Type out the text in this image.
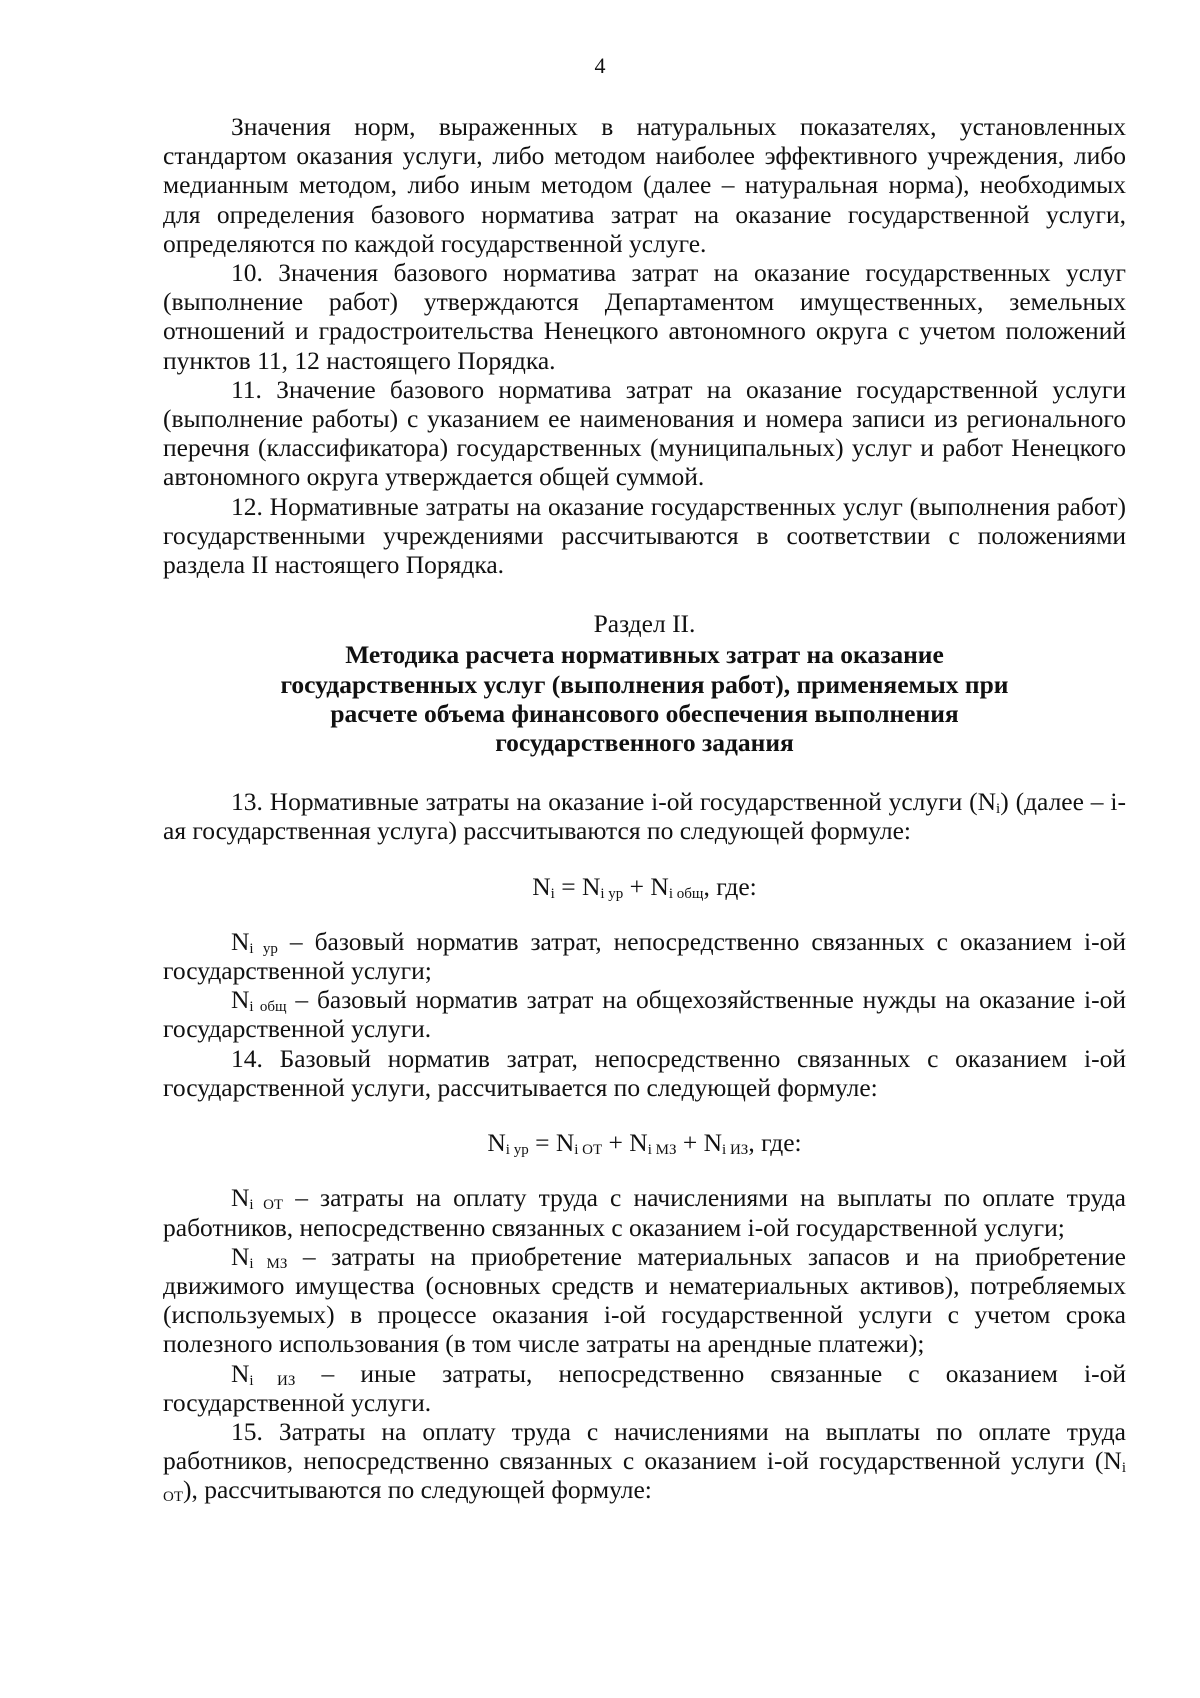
4

Значения норм, выраженных в натуральных показателях, установленных стандартом оказания услуги, либо методом наиболее эффективного учреждения, либо медианным методом, либо иным методом (далее – натуральная норма), необходимых для определения базового норматива затрат на оказание государственной услуги, определяются по каждой государственной услуге.

10. Значения базового норматива затрат на оказание государственных услуг (выполнение работ) утверждаются Департаментом имущественных, земельных отношений и градостроительства Ненецкого автономного округа с учетом положений пунктов 11, 12 настоящего Порядка.

11. Значение базового норматива затрат на оказание государственной услуги (выполнение работы) с указанием ее наименования и номера записи из регионального перечня (классификатора) государственных (муниципальных) услуг и работ Ненецкого автономного округа утверждается общей суммой.

12. Нормативные затраты на оказание государственных услуг (выполнения работ) государственными учреждениями рассчитываются в соответствии с положениями раздела II настоящего Порядка.

Раздел II.
Методика расчета нормативных затрат на оказание государственных услуг (выполнения работ), применяемых при расчете объема финансового обеспечения выполнения государственного задания

13. Нормативные затраты на оказание i-ой государственной услуги $(N_i)$ (далее – i-ая государственная услуга) рассчитываются по следующей формуле:

$N_i = N_{i ур} + N_{i общ}$, где:

$N_{i ур}$ – базовый норматив затрат, непосредственно связанных с оказанием i-ой государственной услуги;

$N_{i общ}$ – базовый норматив затрат на общехозяйственные нужды на оказание i-ой государственной услуги.

14. Базовый норматив затрат, непосредственно связанных с оказанием i-ой государственной услуги, рассчитывается по следующей формуле:

$N_{i ур} = N_{i ОТ} + N_{i МЗ} + N_{i ИЗ}$, где:

$N_{i ОТ}$ – затраты на оплату труда с начислениями на выплаты по оплате труда работников, непосредственно связанных с оказанием i-ой государственной услуги;

$N_{i МЗ}$ – затраты на приобретение материальных запасов и на приобретение движимого имущества (основных средств и нематериальных активов), потребляемых (используемых) в процессе оказания i-ой государственной услуги с учетом срока полезного использования (в том числе затраты на арендные платежи);

$N_{i ИЗ}$ – иные затраты, непосредственно связанные с оказанием i-ой государственной услуги.

15. Затраты на оплату труда с начислениями на выплаты по оплате труда работников, непосредственно связанных с оказанием i-ой государственной услуги $(N_{i ОТ})$, рассчитываются по следующей формуле:
